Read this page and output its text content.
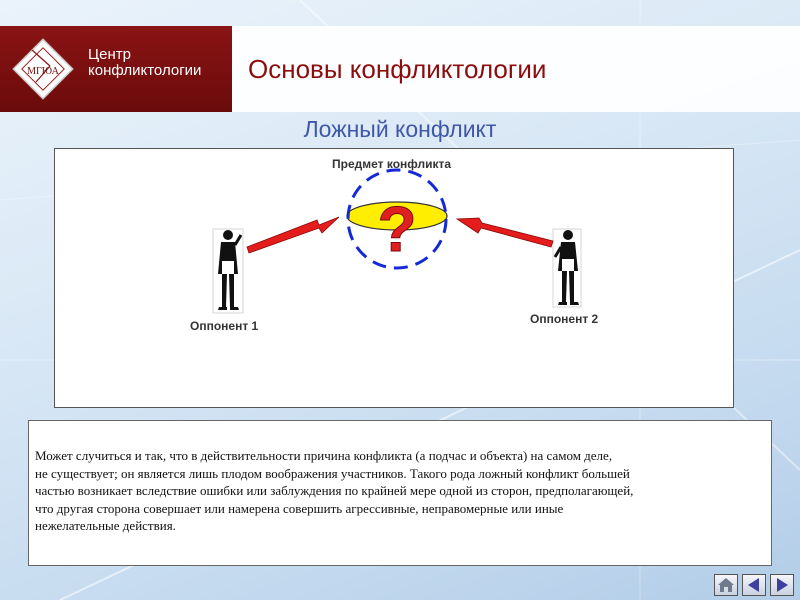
МГЮА
Центр
конфликтологии Основы конфликтологии
Ложный конфликт
?
Предмет конфликта
Оппонент 1	Оппонент 2
Может случиться и так, что в действительности причина конфликта (а подчас и объекта) на самом деле,
не существует; он является лишь плодом воображения участников. Такого рода ложный конфликт большей
частью возникает вследствие ошибки или заблуждения по крайней мере одной из сторон, предполагающей,
что другая сторона совершает или намерена совершить агрессивные, неправомерные или иные
нежелательные действия.
